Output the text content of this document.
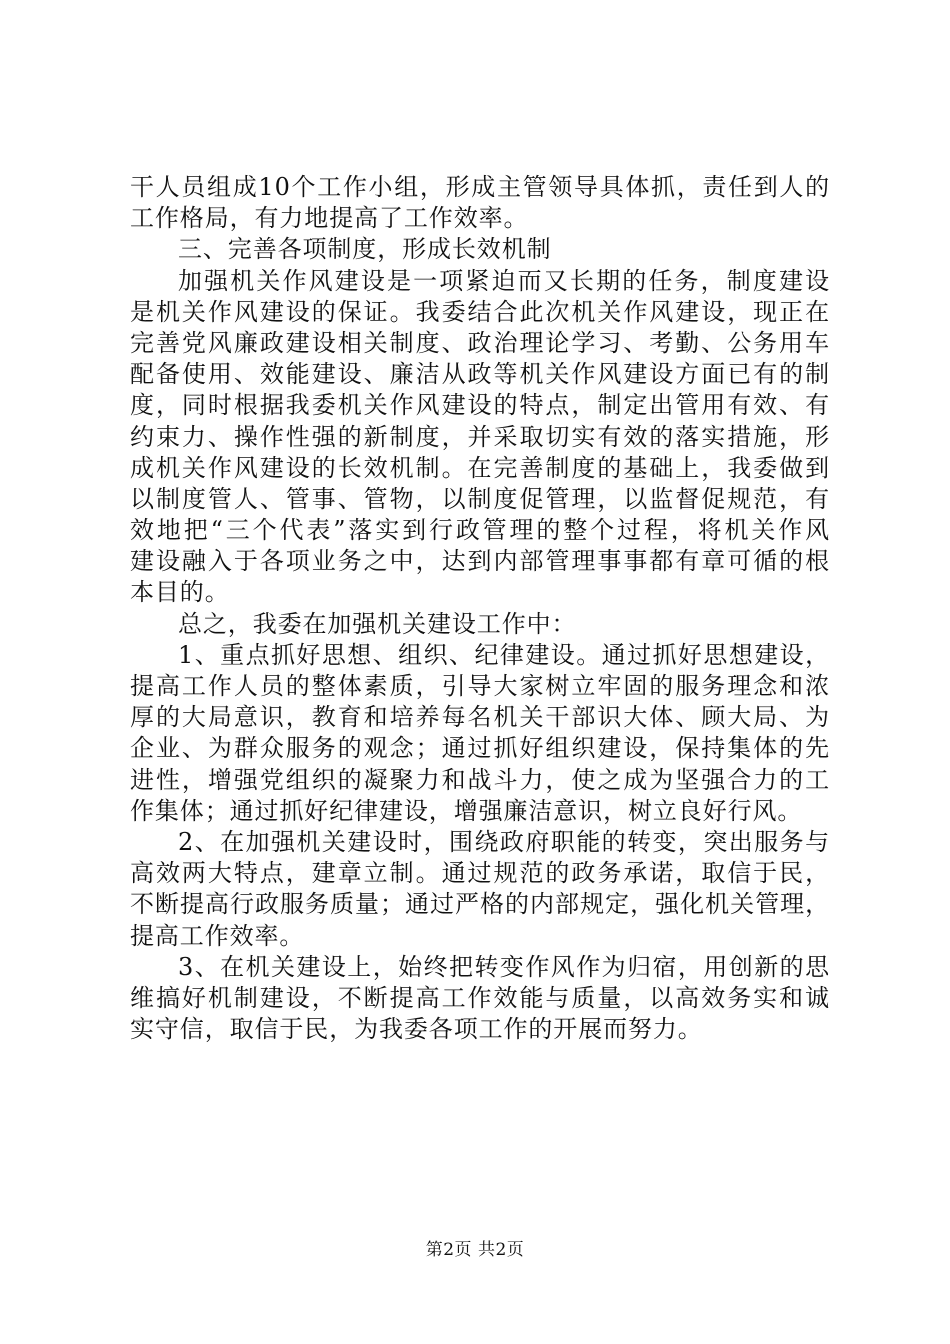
干人员组成10个工作小组，形成主管领导具体抓，责任到人的
工作格局，有力地提高了工作效率。
三、完善各项制度，形成长效机制
加强机关作风建设是一项紧迫而又长期的任务，制度建设
是机关作风建设的保证。我委结合此次机关作风建设，现正在
完善党风廉政建设相关制度、政治理论学习、考勤、公务用车
配备使用、效能建设、廉洁从政等机关作风建设方面已有的制
度，同时根据我委机关作风建设的特点，制定出管用有效、有
约束力、操作性强的新制度，并采取切实有效的落实措施，形
成机关作风建设的长效机制。在完善制度的基础上，我委做到
以制度管人、管事、管物，以制度促管理，以监督促规范，有
效地把“三个代表”落实到行政管理的整个过程，将机关作风
建设融入于各项业务之中，达到内部管理事事都有章可循的根
本目的。
总之，我委在加强机关建设工作中：
1、重点抓好思想、组织、纪律建设。通过抓好思想建设，
提高工作人员的整体素质，引导大家树立牢固的服务理念和浓
厚的大局意识，教育和培养每名机关干部识大体、顾大局、为
企业、为群众服务的观念；通过抓好组织建设，保持集体的先
进性，增强党组织的凝聚力和战斗力，使之成为坚强合力的工
作集体；通过抓好纪律建设，增强廉洁意识，树立良好行风。
2、在加强机关建设时，围绕政府职能的转变，突出服务与
高效两大特点，建章立制。通过规范的政务承诺，取信于民，
不断提高行政服务质量；通过严格的内部规定，强化机关管理，
提高工作效率。
3、在机关建设上，始终把转变作风作为归宿，用创新的思
维搞好机制建设，不断提高工作效能与质量，以高效务实和诚
实守信，取信于民，为我委各项工作的开展而努力。
第2页 共2页
